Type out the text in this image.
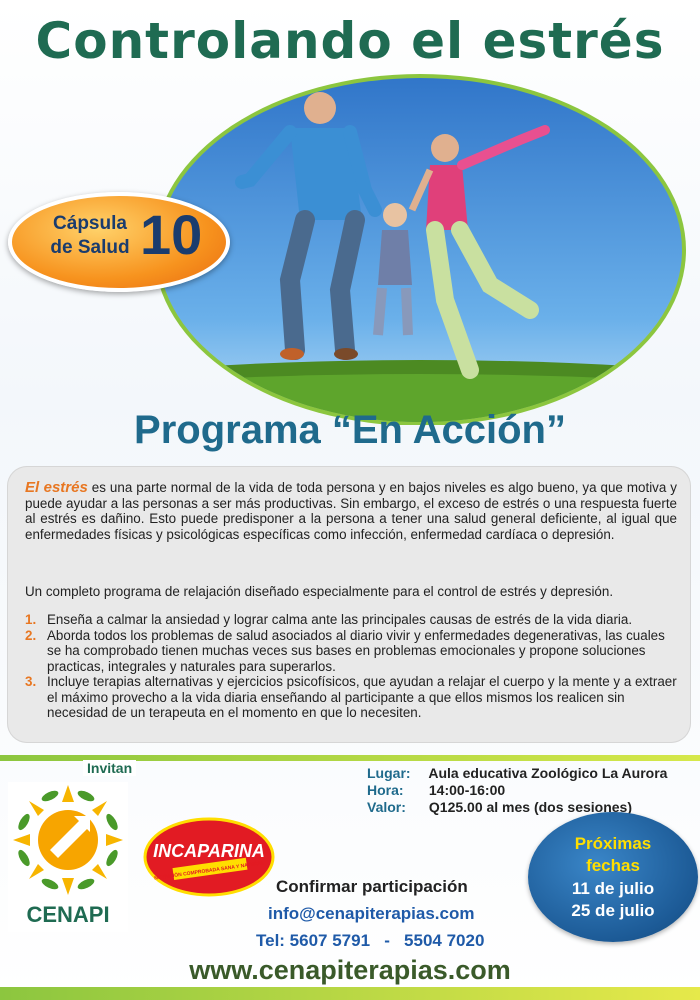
Controlando el estrés
Cápsula
de Salud 10
Programa “En Acción”

El estrés es una parte normal de la vida de toda persona y en bajos niveles es algo bueno, ya que motiva y puede ayudar a las personas a ser más productivas. Sin embargo, el exceso de estrés o una respuesta fuerte al estrés es dañino. Esto puede predisponer a la persona a tener una salud general deficiente, al igual que enfermedades físicas y psicológicas específicas como infección, enfermedad cardíaca o depresión.

Un completo programa de relajación diseñado especialmente para el control de estrés y depresión.

1. Enseña a calmar la ansiedad y lograr calma ante las principales causas de estrés de la vida diaria.
2. Aborda todos los problemas de salud asociados al diario vivir y enfermedades degenerativas, las cuales se ha comprobado tienen muchas veces sus bases en problemas emocionales y propone soluciones practicas, integrales y naturales para superarlos.
3. Incluye terapias alternativas y ejercicios psicofísicos, que ayudan a relajar el cuerpo y la mente y a extraer el máximo provecho a la vida diaria enseñando al participante a que ellos mismos los realicen sin necesidad de un terapeuta en el momento en que lo necesiten.
Invitan	Lugar: Aula educativa Zoológico La Aurora
Hora: 14:00-16:00
Valor: Q125.00 al mes (dos sesiones)
CENAPI
INCAPARINA
NUTRICIÓN COMPROBADA SANA Y NATURAL
Confirmar participación
info@cenapiterapias.com
Tel: 5607 5791   -   5504 7020
Próximas
fechas
11 de julio
25 de julio
www.cenapiterapias.com
